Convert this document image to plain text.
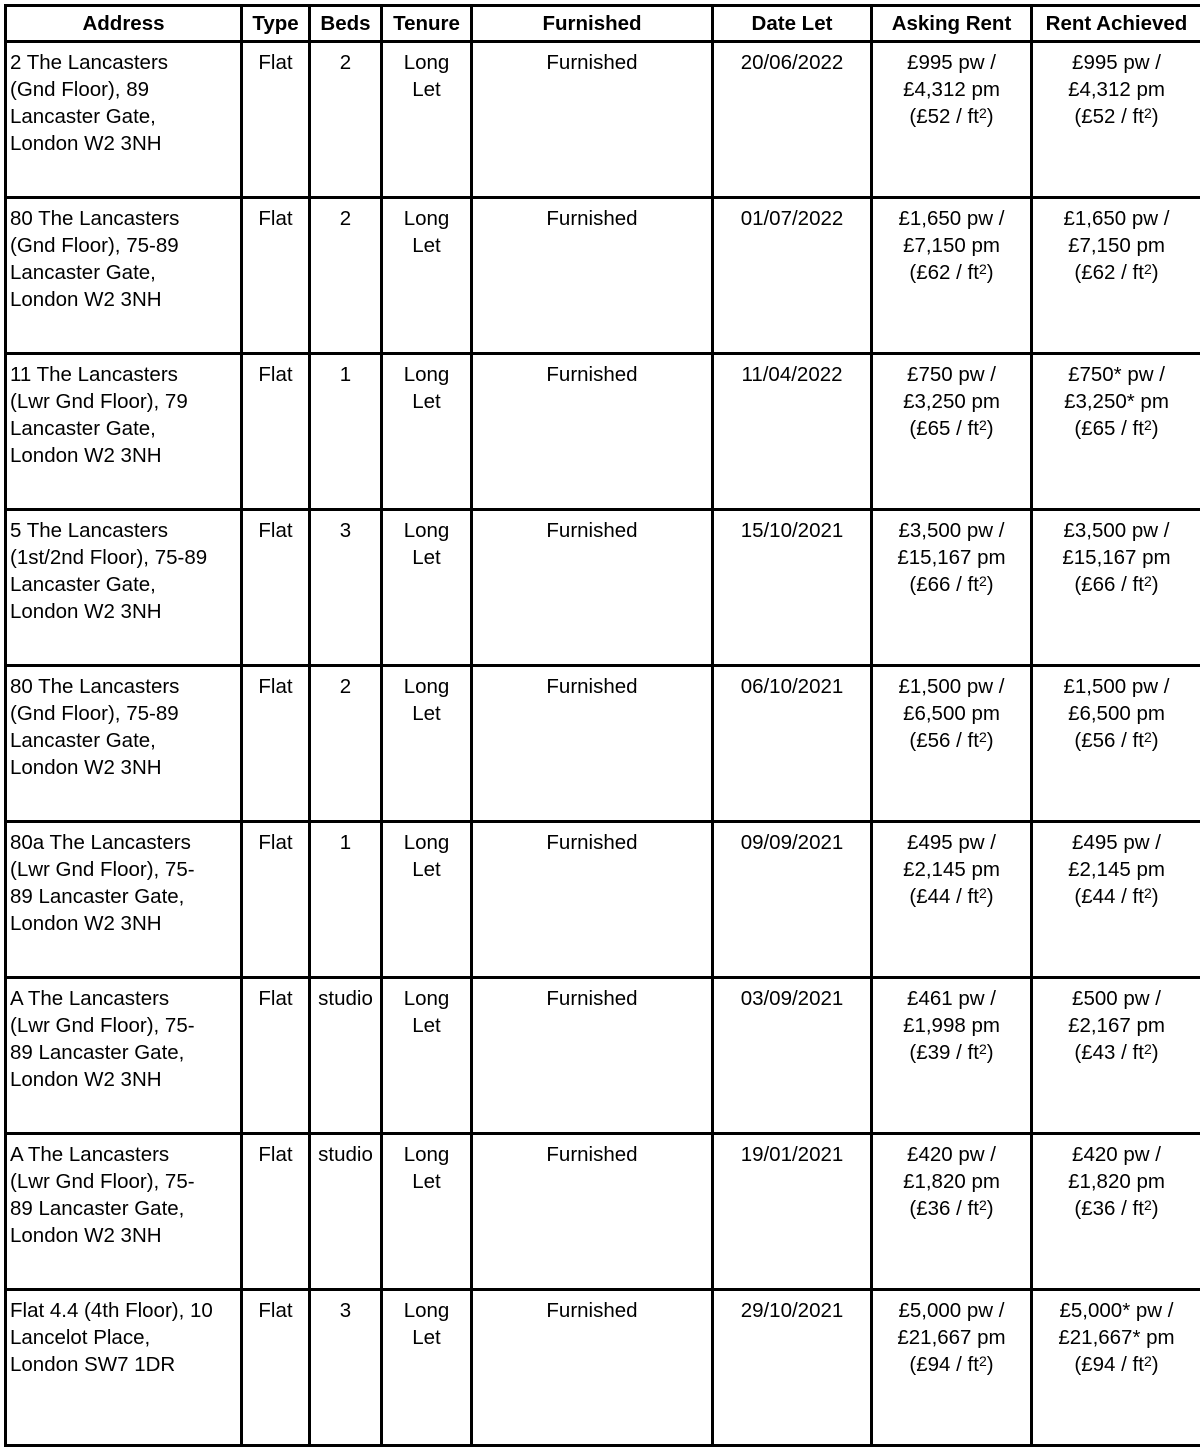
Address	Type	Beds	Tenure	Furnished	Date Let	Asking Rent	Rent Achieved

2 The Lancasters
(Gnd Floor), 89
Lancaster Gate,
London W2 3NH	Flat	2	Long
Let	Furnished	20/06/2022	£995 pw /
£4,312 pm
(£52 / $ft^2$)	£995 pw /
£4,312 pm
(£52 / $ft^2$)

80 The Lancasters
(Gnd Floor), 75-89
Lancaster Gate,
London W2 3NH	Flat	2	Long
Let	Furnished	01/07/2022	£1,650 pw /
£7,150 pm
(£62 / $ft^2$)	£1,650 pw /
£7,150 pm
(£62 / $ft^2$)

11 The Lancasters
(Lwr Gnd Floor), 79
Lancaster Gate,
London W2 3NH	Flat	1	Long
Let	Furnished	11/04/2022	£750 pw /
£3,250 pm
(£65 / $ft^2$)	£750* pw /
£3,250* pm
(£65 / $ft^2$)

5 The Lancasters
(1st/2nd Floor), 75-89
Lancaster Gate,
London W2 3NH	Flat	3	Long
Let	Furnished	15/10/2021	£3,500 pw /
£15,167 pm
(£66 / $ft^2$)	£3,500 pw /
£15,167 pm
(£66 / $ft^2$)

80 The Lancasters
(Gnd Floor), 75-89
Lancaster Gate,
London W2 3NH	Flat	2	Long
Let	Furnished	06/10/2021	£1,500 pw /
£6,500 pm
(£56 / $ft^2$)	£1,500 pw /
£6,500 pm
(£56 / $ft^2$)

80a The Lancasters
(Lwr Gnd Floor), 75-
89 Lancaster Gate,
London W2 3NH	Flat	1	Long
Let	Furnished	09/09/2021	£495 pw /
£2,145 pm
(£44 / $ft^2$)	£495 pw /
£2,145 pm
(£44 / $ft^2$)

A The Lancasters
(Lwr Gnd Floor), 75-
89 Lancaster Gate,
London W2 3NH	Flat	studio	Long
Let	Furnished	03/09/2021	£461 pw /
£1,998 pm
(£39 / $ft^2$)	£500 pw /
£2,167 pm
(£43 / $ft^2$)

A The Lancasters
(Lwr Gnd Floor), 75-
89 Lancaster Gate,
London W2 3NH	Flat	studio	Long
Let	Furnished	19/01/2021	£420 pw /
£1,820 pm
(£36 / $ft^2$)	£420 pw /
£1,820 pm
(£36 / $ft^2$)

Flat 4.4 (4th Floor), 10
Lancelot Place,
London SW7 1DR	Flat	3	Long
Let	Furnished	29/10/2021	£5,000 pw /
£21,667 pm
(£94 / $ft^2$)	£5,000* pw /
£21,667* pm
(£94 / $ft^2$)
